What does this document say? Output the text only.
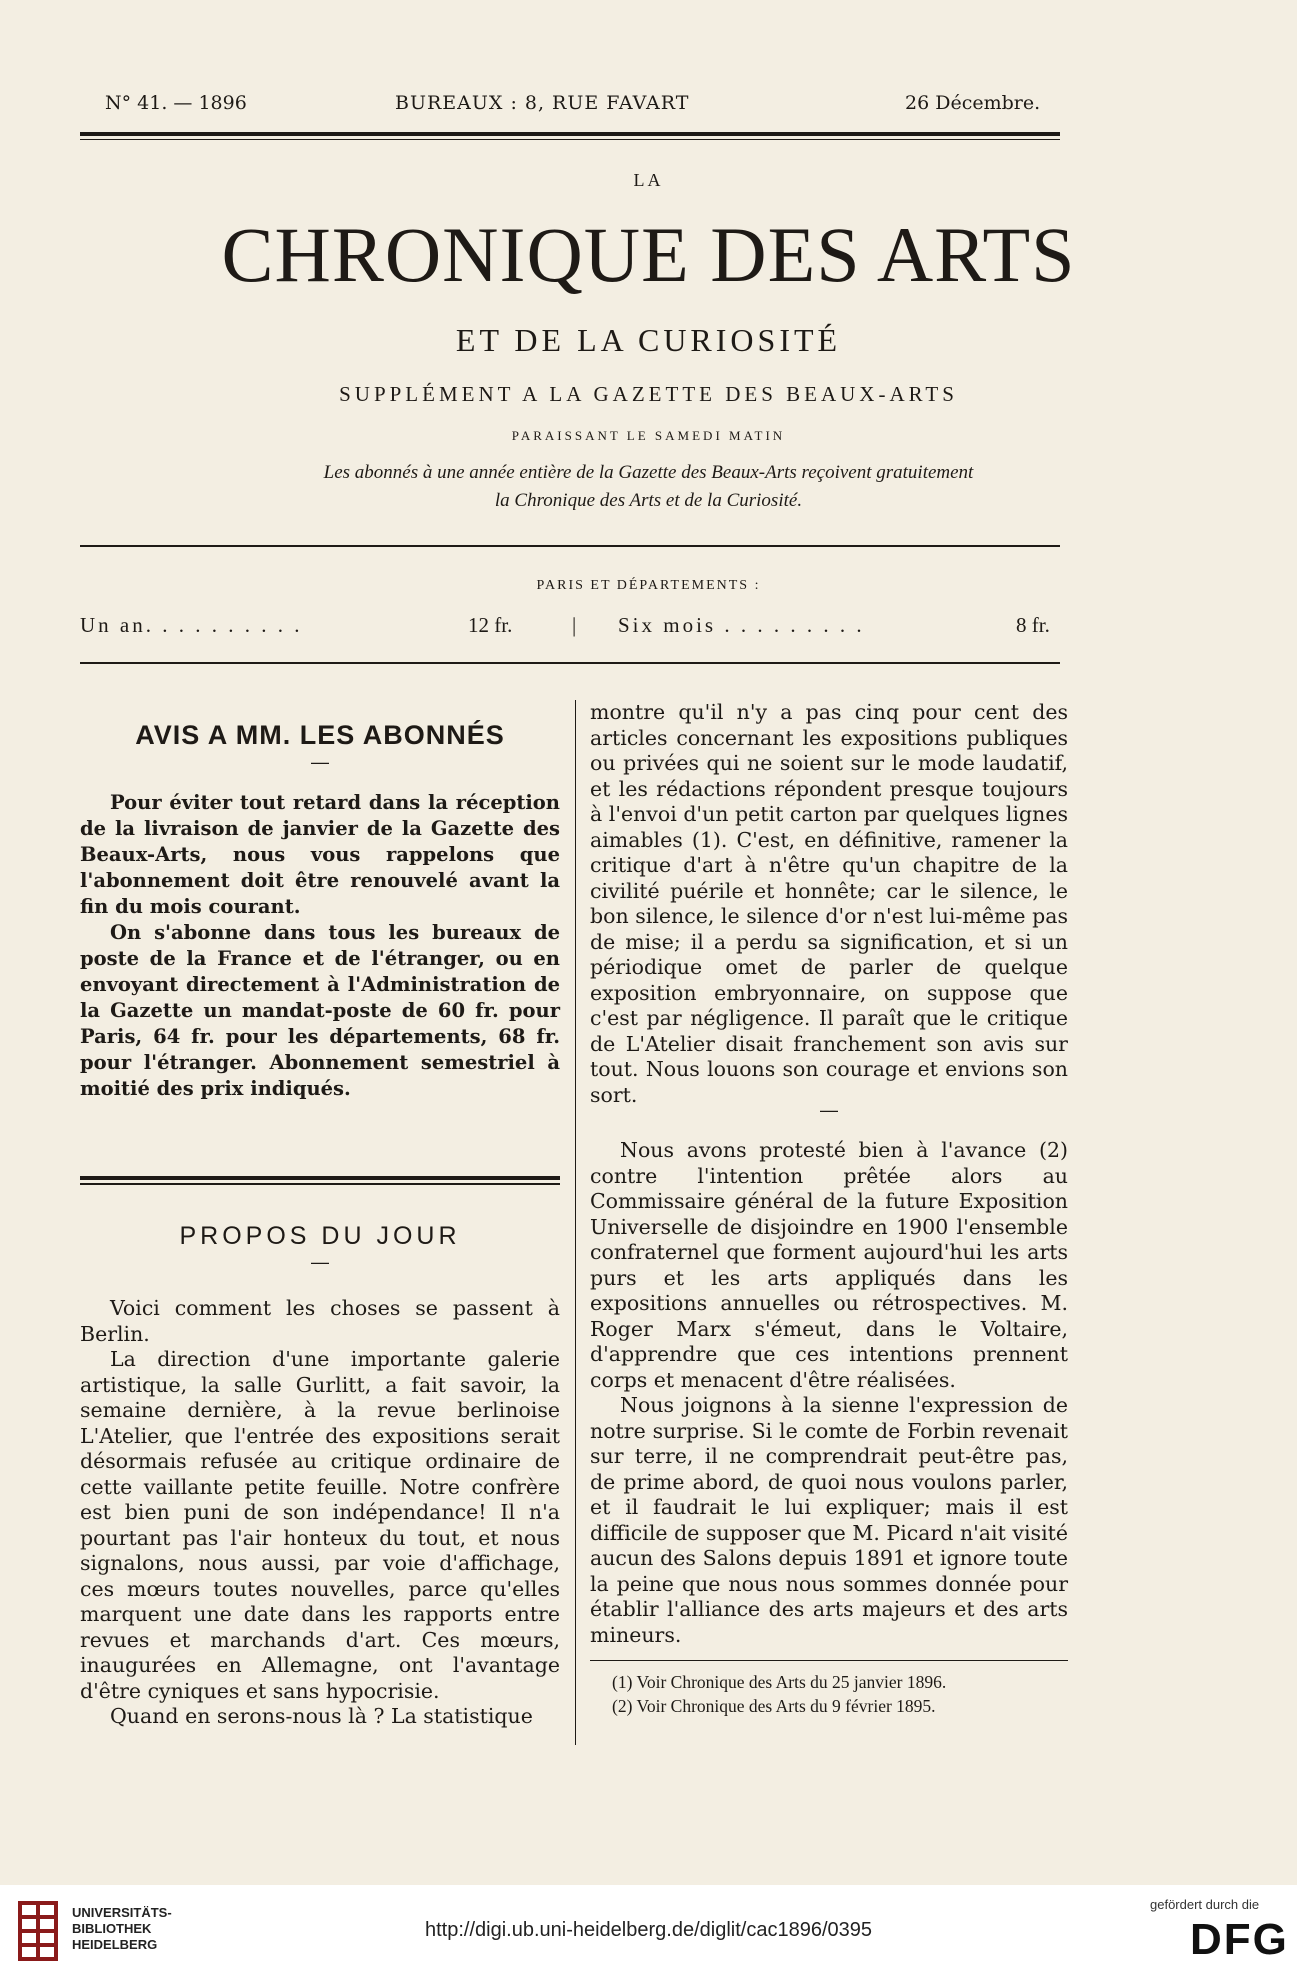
N° 41. — 1896	BUREAUX : 8, RUE FAVART	26 Décembre.
LA
CHRONIQUE DES ARTS
ET DE LA CURIOSITÉ
SUPPLÉMENT A LA GAZETTE DES BEAUX-ARTS
PARAISSANT LE SAMEDI MATIN
Les abonnés à une année entière de la Gazette des Beaux-Arts reçoivent gratuitement
la Chronique des Arts et de la Curiosité.
PARIS ET DÉPARTEMENTS :
Un an. . . . . . . . . .	12 fr.	| Six mois . . . . . . . . .	8 fr.
AVIS A MM. LES ABONNÉS
—

Pour éviter tout retard dans la réception de la livraison de janvier de la Gazette des Beaux-Arts, nous vous rappelons que l'abonnement doit être renouvelé avant la fin du mois courant.

On s'abonne dans tous les bureaux de poste de la France et de l'étranger, ou en envoyant directement à l'Administration de la Gazette un mandat-poste de 60 fr. pour Paris, 64 fr. pour les départements, 68 fr. pour l'étranger. Abonnement semestriel à moitié des prix indiqués.

PROPOS DU JOUR
—

Voici comment les choses se passent à Berlin.

La direction d'une importante galerie artistique, la salle Gurlitt, a fait savoir, la semaine dernière, à la revue berlinoise L'Atelier, que l'entrée des expositions serait désormais refusée au critique ordinaire de cette vaillante petite feuille. Notre confrère est bien puni de son indépendance! Il n'a pourtant pas l'air honteux du tout, et nous signalons, nous aussi, par voie d'affichage, ces mœurs toutes nouvelles, parce qu'elles marquent une date dans les rapports entre revues et marchands d'art. Ces mœurs, inaugurées en Allemagne, ont l'avantage d'être cyniques et sans hypocrisie.

Quand en serons-nous là ? La statistique

montre qu'il n'y a pas cinq pour cent des articles concernant les expositions publiques ou privées qui ne soient sur le mode laudatif, et les rédactions répondent presque toujours à l'envoi d'un petit carton par quelques lignes aimables (1). C'est, en définitive, ramener la critique d'art à n'être qu'un chapitre de la civilité puérile et honnête; car le silence, le bon silence, le silence d'or n'est lui-même pas de mise; il a perdu sa signification, et si un périodique omet de parler de quelque exposition embryonnaire, on suppose que c'est par négligence. Il paraît que le critique de L'Atelier disait franchement son avis sur tout. Nous louons son courage et envions son sort.

—

Nous avons protesté bien à l'avance (2) contre l'intention prêtée alors au Commissaire général de la future Exposition Universelle de disjoindre en 1900 l'ensemble confraternel que forment aujourd'hui les arts purs et les arts appliqués dans les expositions annuelles ou rétrospectives. M. Roger Marx s'émeut, dans le Voltaire, d'apprendre que ces intentions prennent corps et menacent d'être réalisées.

Nous joignons à la sienne l'expression de notre surprise. Si le comte de Forbin revenait sur terre, il ne comprendrait peut-être pas, de prime abord, de quoi nous voulons parler, et il faudrait le lui expliquer; mais il est difficile de supposer que M. Picard n'ait visité aucun des Salons depuis 1891 et ignore toute la peine que nous nous sommes donnée pour établir l'alliance des arts majeurs et des arts mineurs.

(1) Voir Chronique des Arts du 25 janvier 1896.
(2) Voir Chronique des Arts du 9 février 1895.
UNIVERSITÄTS-
BIBLIOTHEK
HEIDELBERG
http://digi.ub.uni-heidelberg.de/diglit/cac1896/0395
gefördert durch die
DFG
